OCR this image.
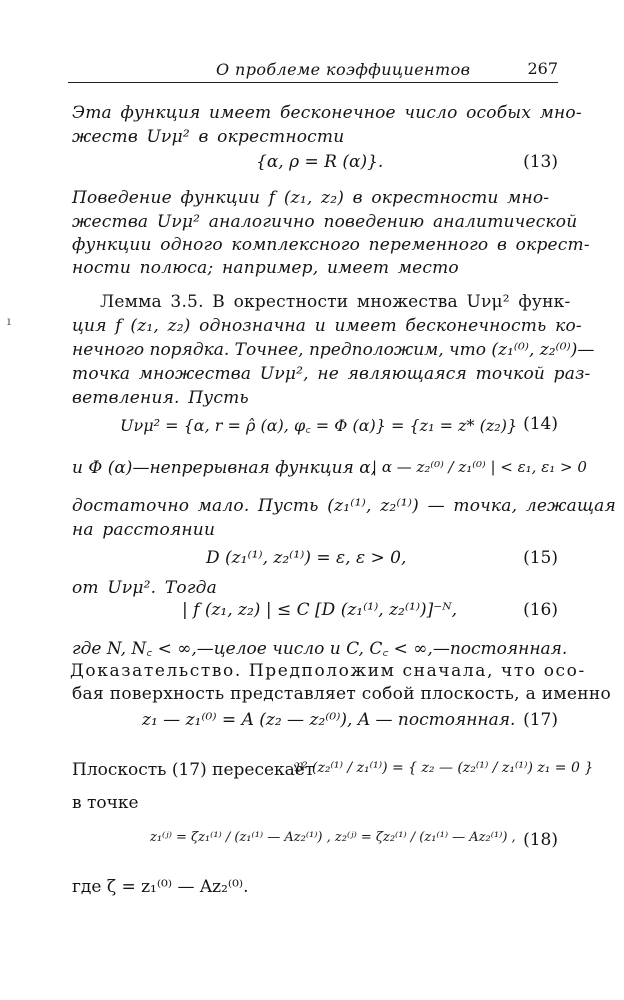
О проблеме коэффициентов	267
ı
Эта функция имеет бесконечное число особых мно-
жеств Uνμ² в окрестности
{α, ρ = R (α)}.	(13)
Поведение функции f (z₁, z₂) в окрестности мно-
жества Uνμ² аналогично поведению аналитической
функции одного комплексного переменного в окрест-
ности полюса; например, имеет место
Лемма 3.5. В окрестности множества Uνμ² функ-
ция f (z₁, z₂) однозначна и имеет бесконечность ко-
нечного порядка. Точнее, предположим, что (z₁⁽⁰⁾, z₂⁽⁰⁾)—
точка множества Uνμ², не являющаяся точкой раз-
ветвления. Пусть
Uνμ² = {α, r = ρ̂ (α), φ꜀ = Φ (α)} = {z₁ = z* (z₂)} (14)
и Φ (α)—непрерывная функция α,
| α — z₂⁽⁰⁾ / z₁⁽⁰⁾ | < ε₁, ε₁ > 0
достаточно мало. Пусть (z₁⁽¹⁾, z₂⁽¹⁾) — точка, лежащая
на расстоянии
D (z₁⁽¹⁾, z₂⁽¹⁾) = ε, ε > 0,	(15)
от Uνμ². Тогда
| f (z₁, z₂) | ≤ C [D (z₁⁽¹⁾, z₂⁽¹⁾)]⁻ᴺ,	(16)
где N, N꜀ < ∞,—целое число и C, C꜀ < ∞,—постоянная.
Доказательство. Предположим сначала, что осо-
бая поверхность представляет собой плоскость, а именно
z₁ — z₁⁽⁰⁾ = A (z₂ — z₂⁽⁰⁾), A — постоянная. (17)
Плоскость (17) пересекает
𝔓² (z₂⁽¹⁾ / z₁⁽¹⁾) = { z₂ — (z₂⁽¹⁾ / z₁⁽¹⁾) z₁ = 0 }
в точке
z₁⁽ʲ⁾ = ζz₁⁽¹⁾ / (z₁⁽¹⁾ — Az₂⁽¹⁾) , z₂⁽ʲ⁾ = ζz₂⁽¹⁾ / (z₁⁽¹⁾ — Az₂⁽¹⁾) , (18)
где ζ = z₁⁽⁰⁾ — Az₂⁽⁰⁾.
